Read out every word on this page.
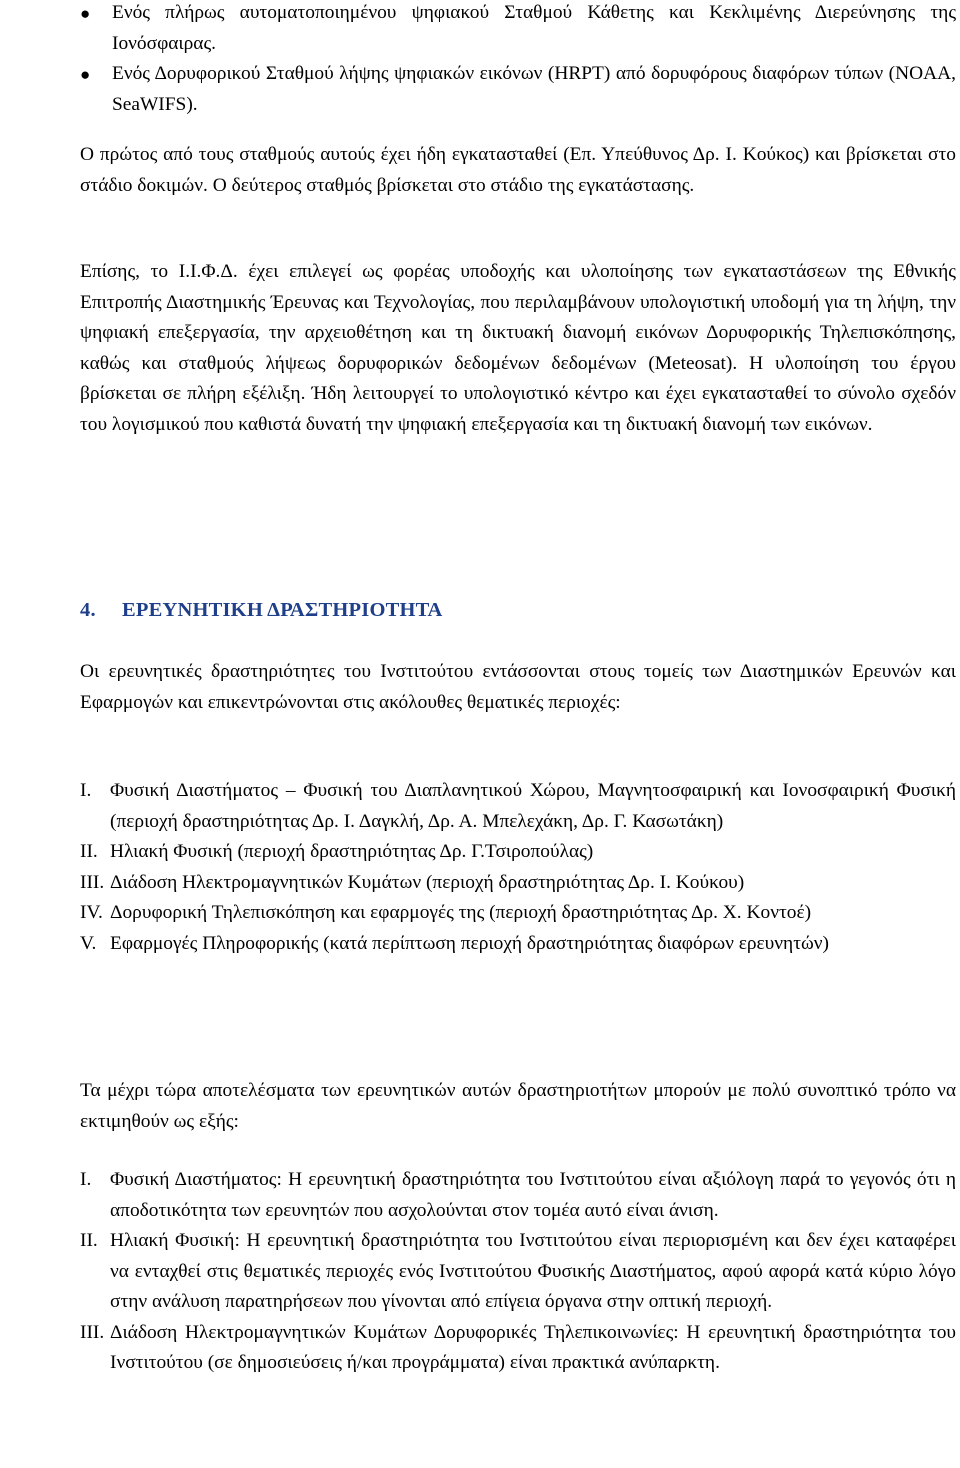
● Ενός πλήρως αυτοματοποιημένου ψηφιακού Σταθμού Κάθετης και Κεκλιμένης Διερεύνησης της Ιονόσφαιρας.
● Ενός Δορυφορικού Σταθμού λήψης ψηφιακών εικόνων (HRPT) από δορυφόρους διαφόρων τύπων (NOAA, SeaWIFS).

Ο πρώτος από τους σταθμούς αυτούς έχει ήδη εγκατασταθεί (Επ. Υπεύθυνος Δρ. Ι. Κούκος) και βρίσκεται στο στάδιο δοκιμών. Ο δεύτερος σταθμός βρίσκεται στο στάδιο της εγκατάστασης.

Επίσης, το Ι.Ι.Φ.Δ. έχει επιλεγεί ως φορέας υποδοχής και υλοποίησης των εγκαταστάσεων της Εθνικής Επιτροπής Διαστημικής Έρευνας και Τεχνολογίας, που περιλαμβάνουν υπολογιστική υποδομή για τη λήψη, την ψηφιακή επεξεργασία, την αρχειοθέτηση και τη δικτυακή διανομή εικόνων Δορυφορικής Τηλεπισκόπησης, καθώς και σταθμούς λήψεως δορυφορικών δεδομένων δεδομένων (Meteosat). Η υλοποίηση του έργου βρίσκεται σε πλήρη εξέλιξη. Ήδη λειτουργεί το υπολογιστικό κέντρο και έχει εγκατασταθεί το σύνολο σχεδόν του λογισμικού που καθιστά δυνατή την ψηφιακή επεξεργασία και τη δικτυακή διανομή των εικόνων.

4. ΕΡΕΥΝΗΤΙΚΗ ΔΡΑΣΤΗΡΙΟΤΗΤΑ

Οι ερευνητικές δραστηριότητες του Ινστιτούτου εντάσσονται στους τομείς των Διαστημικών Ερευνών και Εφαρμογών και επικεντρώνονται στις ακόλουθες θεματικές περιοχές:

I. Φυσική Διαστήματος – Φυσική του Διαπλανητικού Χώρου, Μαγνητοσφαιρική και Ιονοσφαιρική Φυσική (περιοχή δραστηριότητας Δρ. Ι. Δαγκλή, Δρ. Α. Μπελεχάκη, Δρ. Γ. Κασωτάκη)
II. Ηλιακή Φυσική (περιοχή δραστηριότητας Δρ. Γ.Τσιροπούλας)
III. Διάδοση Ηλεκτρομαγνητικών Κυμάτων (περιοχή δραστηριότητας Δρ. Ι. Κούκου)
IV. Δορυφορική Τηλεπισκόπηση και εφαρμογές της (περιοχή δραστηριότητας Δρ. Χ. Κοντοέ)
V. Εφαρμογές Πληροφορικής (κατά περίπτωση περιοχή δραστηριότητας διαφόρων ερευνητών)

Τα μέχρι τώρα αποτελέσματα των ερευνητικών αυτών δραστηριοτήτων μπορούν με πολύ συνοπτικό τρόπο να εκτιμηθούν ως εξής:

I. Φυσική Διαστήματος: Η ερευνητική δραστηριότητα του Ινστιτούτου είναι αξιόλογη παρά το γεγονός ότι η αποδοτικότητα των ερευνητών που ασχολούνται στον τομέα αυτό είναι άνιση.
II. Ηλιακή Φυσική: Η ερευνητική δραστηριότητα του Ινστιτούτου είναι περιορισμένη και δεν έχει καταφέρει να ενταχθεί στις θεματικές περιοχές ενός Ινστιτούτου Φυσικής Διαστήματος, αφού αφορά κατά κύριο λόγο στην ανάλυση παρατηρήσεων που γίνονται από επίγεια όργανα στην οπτική περιοχή.
III. Διάδοση Ηλεκτρομαγνητικών Κυμάτων Δορυφορικές Τηλεπικοινωνίες: Η ερευνητική δραστηριότητα του Ινστιτούτου (σε δημοσιεύσεις ή/και προγράμματα) είναι πρακτικά ανύπαρκτη.
